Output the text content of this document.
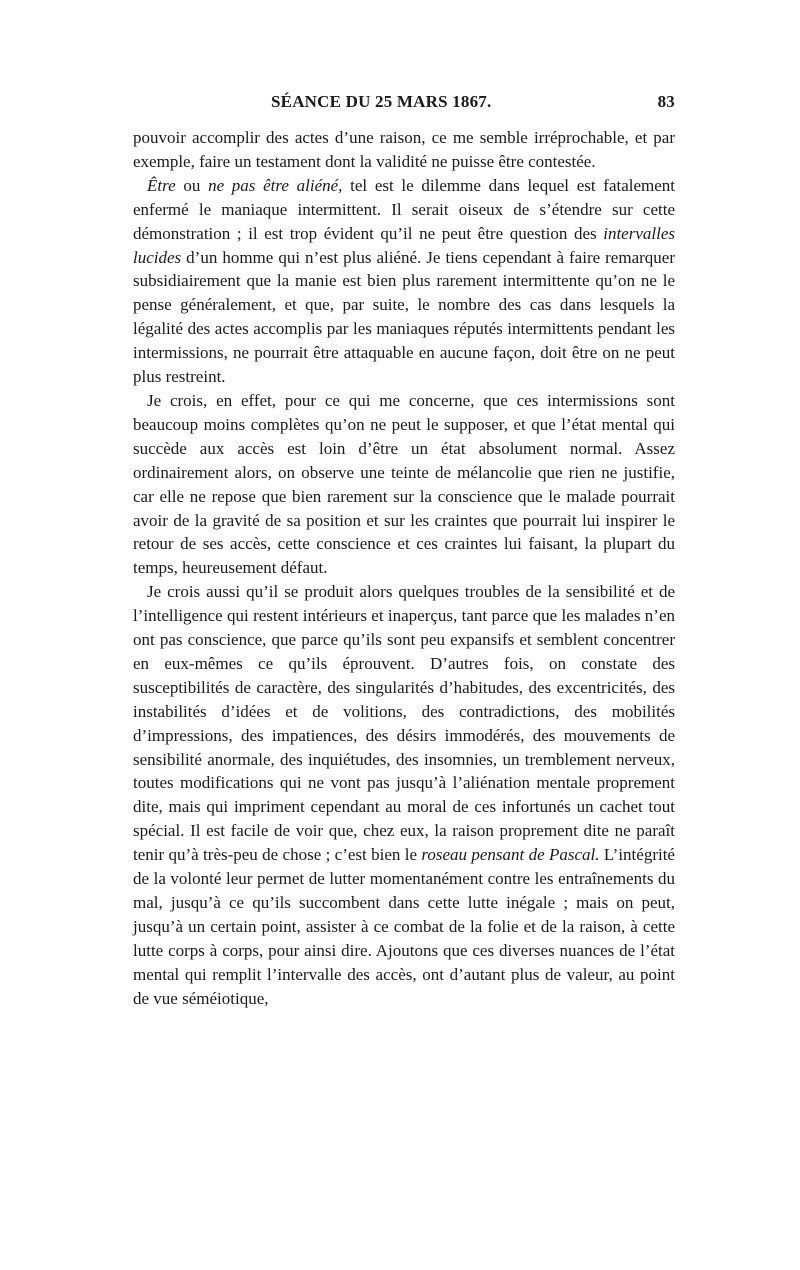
SÉANCE DU 25 MARS 1867.	83

pouvoir accomplir des actes d’une raison, ce me semble irréprochable, et par exemple, faire un testament dont la validité ne puisse être contestée.

Être ou ne pas être aliéné, tel est le dilemme dans lequel est fatalement enfermé le maniaque intermittent. Il serait oiseux de s’étendre sur cette démonstration ; il est trop évident qu’il ne peut être question des intervalles lucides d’un homme qui n’est plus aliéné. Je tiens cependant à faire remarquer subsidiairement que la manie est bien plus rarement intermittente qu’on ne le pense généralement, et que, par suite, le nombre des cas dans lesquels la légalité des actes accomplis par les maniaques réputés intermittents pendant les intermissions, ne pourrait être attaquable en aucune façon, doit être on ne peut plus restreint.

Je crois, en effet, pour ce qui me concerne, que ces intermissions sont beaucoup moins complètes qu’on ne peut le supposer, et que l’état mental qui succède aux accès est loin d’être un état absolument normal. Assez ordinairement alors, on observe une teinte de mélancolie que rien ne justifie, car elle ne repose que bien rarement sur la conscience que le malade pourrait avoir de la gravité de sa position et sur les craintes que pourrait lui inspirer le retour de ses accès, cette conscience et ces craintes lui faisant, la plupart du temps, heureusement défaut.

Je crois aussi qu’il se produit alors quelques troubles de la sensibilité et de l’intelligence qui restent intérieurs et inaperçus, tant parce que les malades n’en ont pas conscience, que parce qu’ils sont peu expansifs et semblent concentrer en eux-mêmes ce qu’ils éprouvent. D’autres fois, on constate des susceptibilités de caractère, des singularités d’habitudes, des excentricités, des instabilités d’idées et de volitions, des contradictions, des mobilités d’impressions, des impatiences, des désirs immodérés, des mouvements de sensibilité anormale, des inquiétudes, des insomnies, un tremblement nerveux, toutes modifications qui ne vont pas jusqu’à l’aliénation mentale proprement dite, mais qui impriment cependant au moral de ces infortunés un cachet tout spécial. Il est facile de voir que, chez eux, la raison proprement dite ne paraît tenir qu’à très-peu de chose ; c’est bien le roseau pensant de Pascal. L’intégrité de la volonté leur permet de lutter momentanément contre les entraînements du mal, jusqu’à ce qu’ils succombent dans cette lutte inégale ; mais on peut, jusqu’à un certain point, assister à ce combat de la folie et de la raison, à cette lutte corps à corps, pour ainsi dire. Ajoutons que ces diverses nuances de l’état mental qui remplit l’intervalle des accès, ont d’autant plus de valeur, au point de vue séméiotique,
